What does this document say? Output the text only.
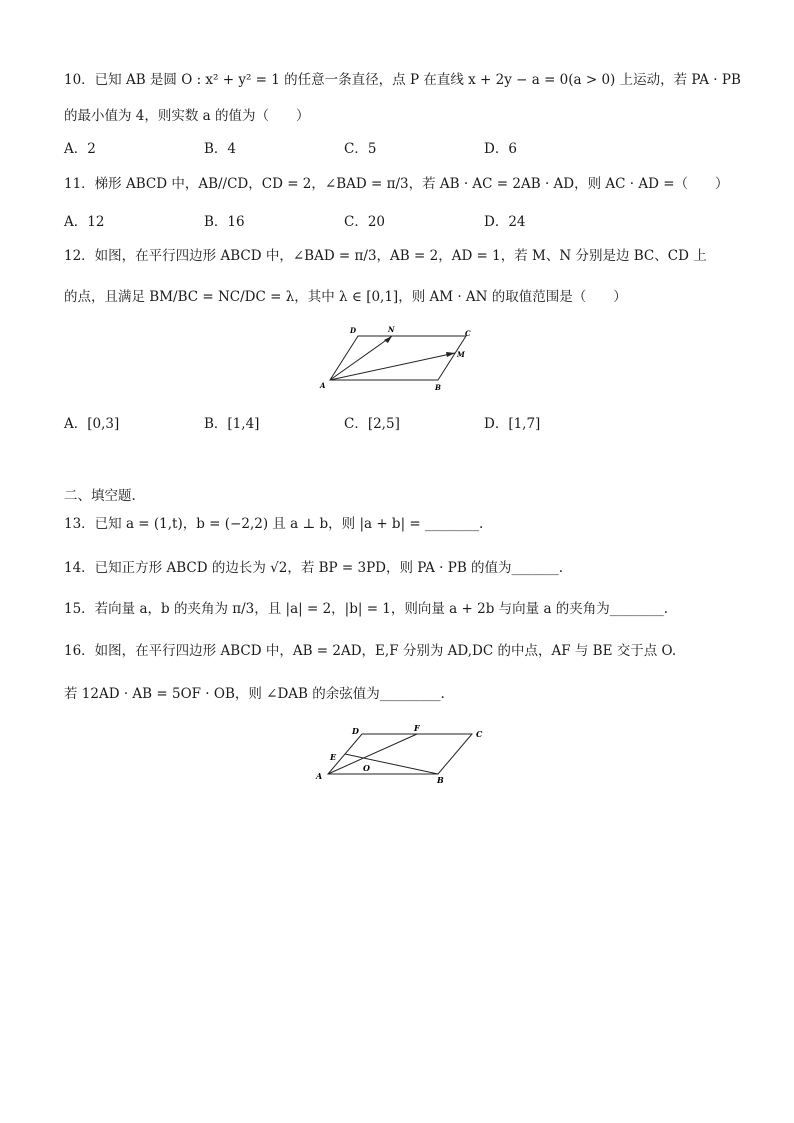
10．已知 AB 是圆 O : x² + y² = 1 的任意一条直径，点 P 在直线 x + 2y − a = 0(a > 0) 上运动，若 PA · PB
的最小值为 4，则实数 a 的值为（　　）
A．2	B．4	C．5	D．6
11．梯形 ABCD 中，AB//CD，CD = 2，∠BAD = π/3，若 AB · AC = 2AB · AD，则 AC · AD =（　　）
A．12	B．16	C．20	D．24
12．如图，在平行四边形 ABCD 中，∠BAD = π/3，AB = 2，AD = 1，若 M、N 分别是边 BC、CD 上
的点，且满足 BM/BC = NC/DC = λ，其中 λ ∈ [0,1]，则 AM · AN 的取值范围是（　　）
A	B
C
D
M
N
A．[0,3]	B．[1,4]	C．[2,5]	D．[1,7]
二、填空题.
13．已知 a = (1,t)，b = (−2,2) 且 a ⊥ b，则 |a + b| = ________.
14．已知正方形 ABCD 的边长为 √2，若 BP = 3PD，则 PA · PB 的值为_______.
15．若向量 a，b 的夹角为 π/3，且 |a| = 2，|b| = 1，则向量 a + 2b 与向量 a 的夹角为________.
16．如图，在平行四边形 ABCD 中，AB = 2AD，E,F 分别为 AD,DC 的中点，AF 与 BE 交于点 O.
若 12AD · AB = 5OF · OB，则 ∠DAB 的余弦值为_________.
A	B
C
D
E
F
O
